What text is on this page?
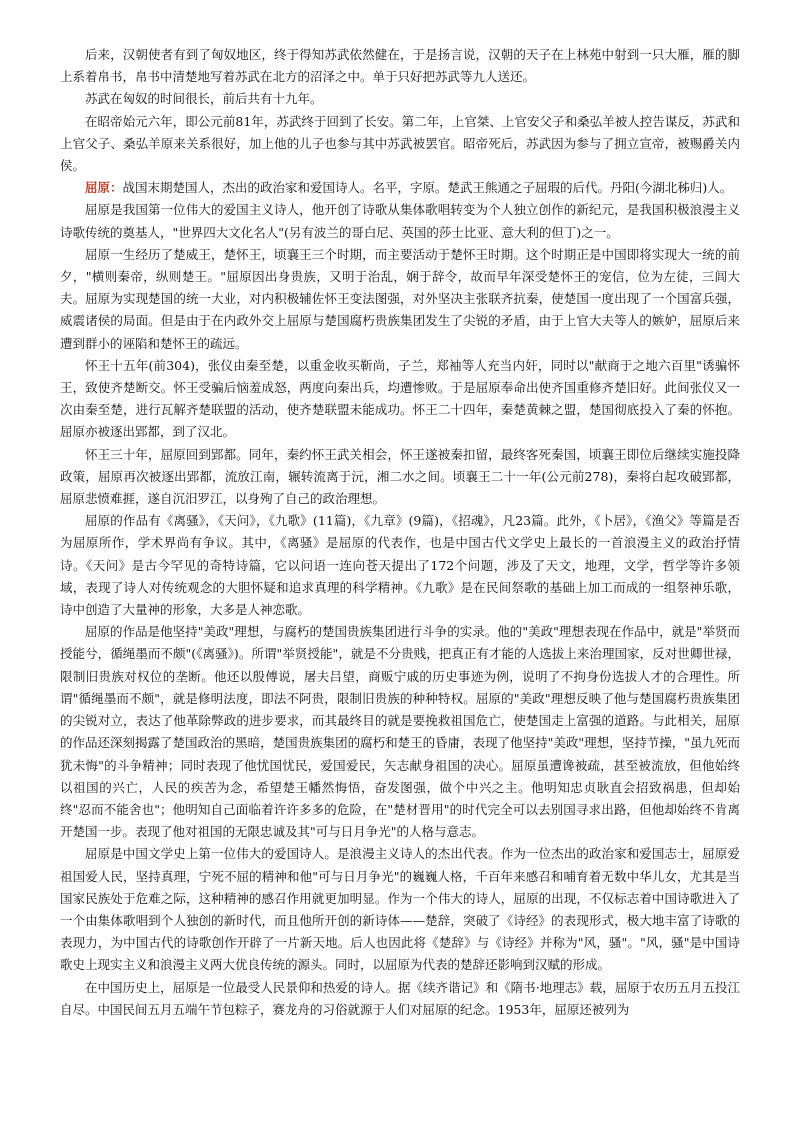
后来，汉朝使者有到了匈奴地区，终于得知苏武依然健在，于是扬言说，汉朝的天子在上林苑中射到一只大雁，雁的脚上系着帛书，帛书中清楚地写着苏武在北方的沼泽之中。单于只好把苏武等九人送还。

苏武在匈奴的时间很长，前后共有十九年。

在昭帝始元六年，即公元前81年，苏武终于回到了长安。第二年，上官桀、上官安父子和桑弘羊被人控告谋反，苏武和上官父子、桑弘羊原来关系很好，加上他的儿子也参与其中苏武被罢官。昭帝死后，苏武因为参与了拥立宣帝，被赐爵关内侯。

屈原：战国末期楚国人，杰出的政治家和爱国诗人。名平，字原。楚武王熊通之子屈瑕的后代。丹阳(今湖北秭归)人。

屈原是我国第一位伟大的爱国主义诗人，他开创了诗歌从集体歌唱转变为个人独立创作的新纪元，是我国积极浪漫主义诗歌传统的奠基人，"世界四大文化名人"(另有波兰的哥白尼、英国的莎士比亚、意大利的但丁)之一。

屈原一生经历了楚威王，楚怀王，顷襄王三个时期，而主要活动于楚怀王时期。这个时期正是中国即将实现大一统的前夕，"横则秦帝，纵则楚王。"屈原因出身贵族，又明于治乱，娴于辞令，故而早年深受楚怀王的宠信，位为左徒，三闾大夫。屈原为实现楚国的统一大业，对内积极辅佐怀王变法图强，对外坚决主张联齐抗秦，使楚国一度出现了一个国富兵强，威震诸侯的局面。但是由于在内政外交上屈原与楚国腐朽贵族集团发生了尖锐的矛盾，由于上官大夫等人的嫉妒，屈原后来遭到群小的诬陷和楚怀王的疏远。

怀王十五年(前304)，张仪由秦至楚，以重金收买靳尚，子兰，郑袖等人充当内奸，同时以"献商于之地六百里"诱骗怀王，致使齐楚断交。怀王受骗后恼羞成怒，两度向秦出兵，均遭惨败。于是屈原奉命出使齐国重修齐楚旧好。此间张仪又一次由秦至楚，进行瓦解齐楚联盟的活动，使齐楚联盟未能成功。怀王二十四年，秦楚黄棘之盟，楚国彻底投入了秦的怀抱。屈原亦被逐出郢都，到了汉北。

怀王三十年，屈原回到郢都。同年，秦约怀王武关相会，怀王遂被秦扣留，最终客死秦国，顷襄王即位后继续实施投降政策，屈原再次被逐出郢都，流放江南，辗转流离于沅，湘二水之间。顷襄王二十一年(公元前278)，秦将白起攻破郢都，屈原悲愤难捱，遂自沉汨罗江，以身殉了自己的政治理想。

屈原的作品有《离骚》，《天问》，《九歌》(11篇)，《九章》(9篇)，《招魂》，凡23篇。此外，《卜居》，《渔父》等篇是否为屈原所作，学术界尚有争议。其中，《离骚》是屈原的代表作，也是中国古代文学史上最长的一首浪漫主义的政治抒情诗。《天问》是古今罕见的奇特诗篇，它以问语一连向苍天提出了172个问题，涉及了天文，地理，文学，哲学等许多领域，表现了诗人对传统观念的大胆怀疑和追求真理的科学精神。《九歌》是在民间祭歌的基础上加工而成的一组祭神乐歌，诗中创造了大量神的形象，大多是人神恋歌。

屈原的作品是他坚持"美政"理想，与腐朽的楚国贵族集团进行斗争的实录。他的"美政"理想表现在作品中，就是"举贤而授能兮，循绳墨而不颇"(《离骚》)。所谓"举贤授能"，就是不分贵贱，把真正有才能的人选拔上来治理国家，反对世卿世禄，限制旧贵族对权位的垄断。他还以殷傅说，屠夫吕望，商贩宁戚的历史事迹为例，说明了不拘身份选拔人才的合理性。所谓"循绳墨而不颇"，就是修明法度，即法不阿贵，限制旧贵族的种种特权。屈原的"美政"理想反映了他与楚国腐朽贵族集团的尖锐对立，表达了他革除弊政的进步要求，而其最终目的就是要挽救祖国危亡，使楚国走上富强的道路。与此相关，屈原的作品还深刻揭露了楚国政治的黑暗，楚国贵族集团的腐朽和楚王的昏庸，表现了他坚持"美政"理想，坚持节操，"虽九死而犹未悔"的斗争精神；同时表现了他忧国忧民，爱国爱民，矢志献身祖国的决心。屈原虽遭谗被疏，甚至被流放，但他始终以祖国的兴亡，人民的疾苦为念，希望楚王幡然悔悟，奋发图强，做个中兴之主。他明知忠贞耿直会招致祸患，但却始终"忍而不能舍也"；他明知自己面临着许许多多的危险，在"楚材晋用"的时代完全可以去别国寻求出路，但他却始终不肯离开楚国一步。表现了他对祖国的无限忠诚及其"可与日月争光"的人格与意志。

屈原是中国文学史上第一位伟大的爱国诗人。是浪漫主义诗人的杰出代表。作为一位杰出的政治家和爱国志士，屈原爱祖国爱人民，坚持真理，宁死不屈的精神和他"可与日月争光"的巍巍人格，千百年来感召和哺育着无数中华儿女，尤其是当国家民族处于危难之际，这种精神的感召作用就更加明显。作为一个伟大的诗人，屈原的出现，不仅标志着中国诗歌进入了一个由集体歌唱到个人独创的新时代，而且他所开创的新诗体——楚辞，突破了《诗经》的表现形式，极大地丰富了诗歌的表现力，为中国古代的诗歌创作开辟了一片新天地。后人也因此将《楚辞》与《诗经》并称为"风，骚"。"风，骚"是中国诗歌史上现实主义和浪漫主义两大优良传统的源头。同时，以屈原为代表的楚辞还影响到汉赋的形成。

在中国历史上，屈原是一位最受人民景仰和热爱的诗人。据《续齐谐记》和《隋书·地理志》载，屈原于农历五月五投江自尽。中国民间五月五端午节包粽子，赛龙舟的习俗就源于人们对屈原的纪念。1953年，屈原还被列为
